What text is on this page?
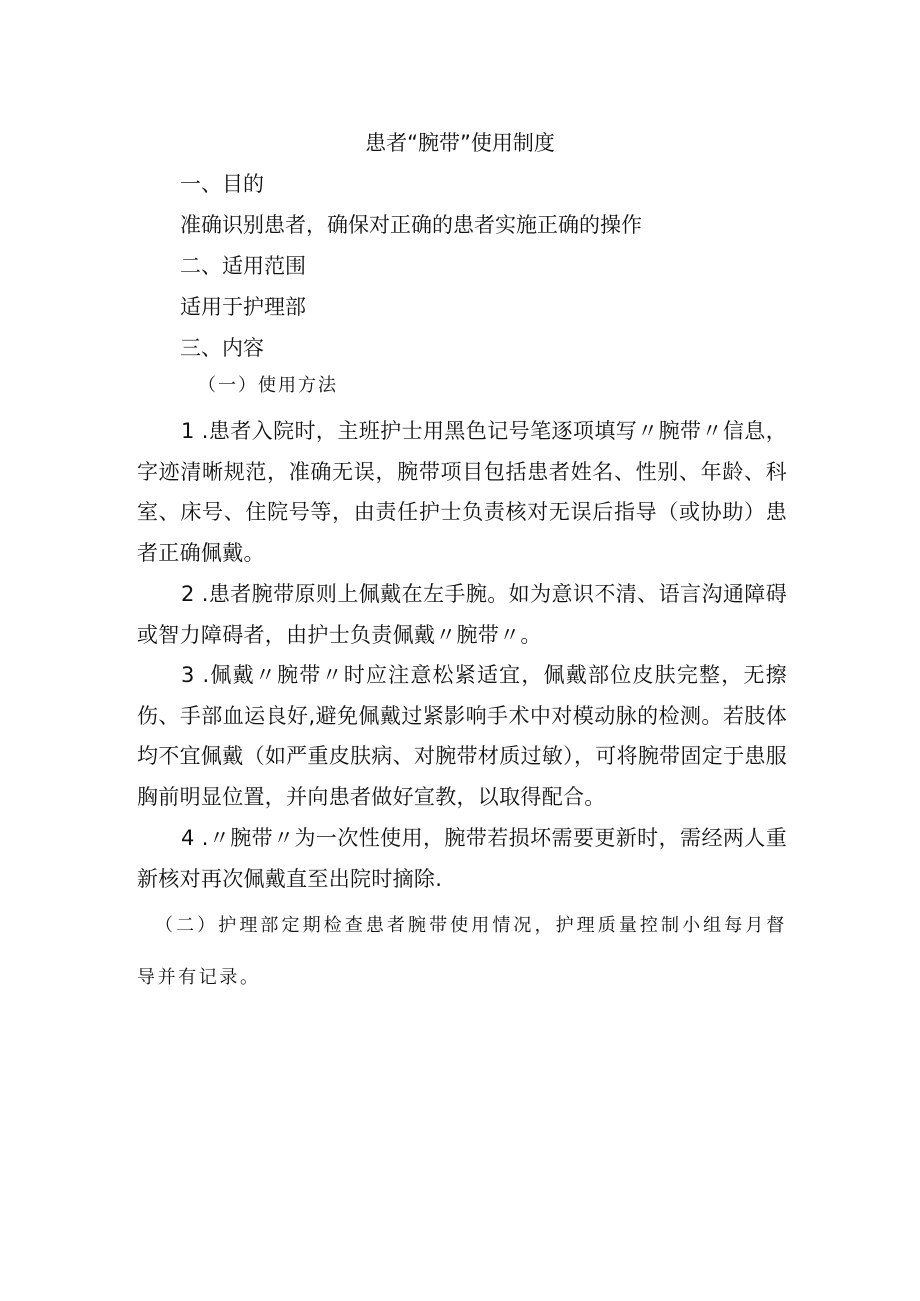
患者“腕带”使用制度
一、目的
准确识别患者，确保对正确的患者实施正确的操作
二、适用范围
适用于护理部
三、内容
（一）使用方法

1 .患者入院时，主班护士用黑色记号笔逐项填写〃腕带〃信息，字迹清晰规范，准确无误，腕带项目包括患者姓名、性别、年龄、科室、床号、住院号等，由责任护士负责核对无误后指导（或协助）患者正确佩戴。

2 .患者腕带原则上佩戴在左手腕。如为意识不清、语言沟通障碍或智力障碍者，由护士负责佩戴〃腕带〃。

3 .佩戴〃腕带〃时应注意松紧适宜，佩戴部位皮肤完整，无擦伤、手部血运良好,避免佩戴过紧影响手术中对模动脉的检测。若肢体均不宜佩戴（如严重皮肤病、对腕带材质过敏），可将腕带固定于患服胸前明显位置，并向患者做好宣教，以取得配合。

4 .〃腕带〃为一次性使用，腕带若损坏需要更新时，需经两人重新核对再次佩戴直至出院时摘除.

（二）护理部定期检查患者腕带使用情况，护理质量控制小组每月督导并有记录。
